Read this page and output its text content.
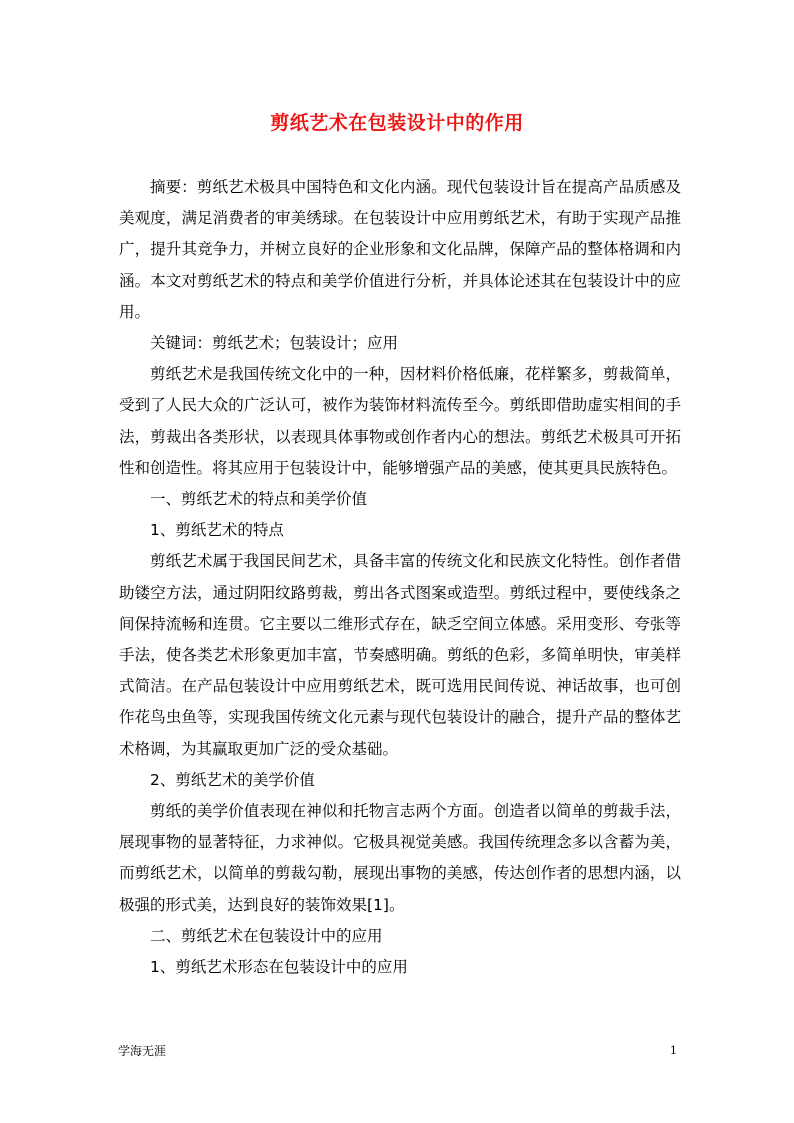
剪纸艺术在包装设计中的作用

摘要：剪纸艺术极具中国特色和文化内涵。现代包装设计旨在提高产品质感及美观度，满足消费者的审美绣球。在包装设计中应用剪纸艺术，有助于实现产品推广，提升其竞争力，并树立良好的企业形象和文化品牌，保障产品的整体格调和内涵。本文对剪纸艺术的特点和美学价值进行分析，并具体论述其在包装设计中的应用。

关键词：剪纸艺术；包装设计；应用

剪纸艺术是我国传统文化中的一种，因材料价格低廉，花样繁多，剪裁简单，受到了人民大众的广泛认可，被作为装饰材料流传至今。剪纸即借助虚实相间的手法，剪裁出各类形状，以表现具体事物或创作者内心的想法。剪纸艺术极具可开拓性和创造性。将其应用于包装设计中，能够增强产品的美感，使其更具民族特色。

一、剪纸艺术的特点和美学价值

1、剪纸艺术的特点

剪纸艺术属于我国民间艺术，具备丰富的传统文化和民族文化特性。创作者借助镂空方法，通过阴阳纹路剪裁，剪出各式图案或造型。剪纸过程中，要使线条之间保持流畅和连贯。它主要以二维形式存在，缺乏空间立体感。采用变形、夸张等手法，使各类艺术形象更加丰富，节奏感明确。剪纸的色彩，多简单明快，审美样式简洁。在产品包装设计中应用剪纸艺术，既可选用民间传说、神话故事，也可创作花鸟虫鱼等，实现我国传统文化元素与现代包装设计的融合，提升产品的整体艺术格调，为其赢取更加广泛的受众基础。

2、剪纸艺术的美学价值

剪纸的美学价值表现在神似和托物言志两个方面。创造者以简单的剪裁手法，展现事物的显著特征，力求神似。它极具视觉美感。我国传统理念多以含蓄为美，而剪纸艺术，以简单的剪裁勾勒，展现出事物的美感，传达创作者的思想内涵，以极强的形式美，达到良好的装饰效果[1]。

二、剪纸艺术在包装设计中的应用

1、剪纸艺术形态在包装设计中的应用

学海无涯	1
